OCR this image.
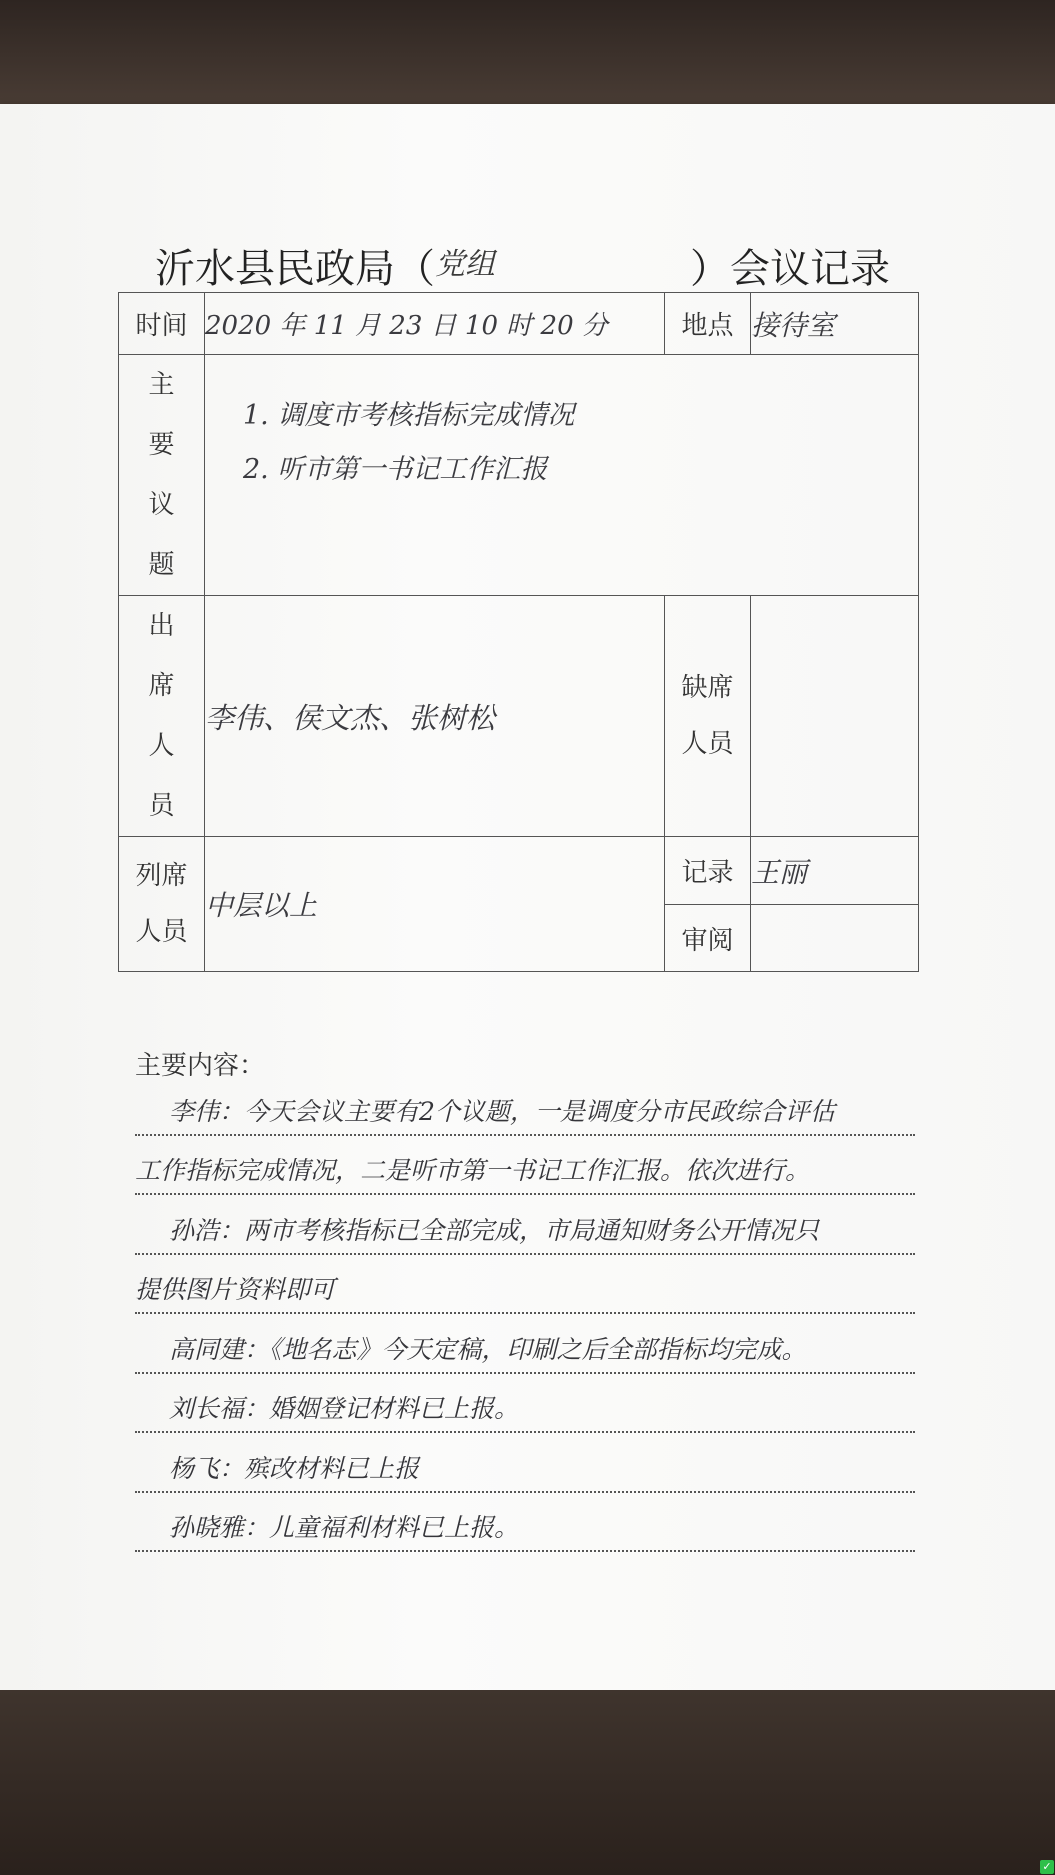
沂水县民政局（ 党组	）会议记录
时间	2020 年 11 月 23 日 10 时 20 分	地点	接待室

主要议题	1. 调度市考核指标完成情况
2. 听市第一书记工作汇报		

出席人员	李伟、侯文杰、张树松	缺席人员	

列席人员	中层以上	记录	王丽
		审阅	
主要内容：
李伟：今天会议主要有2个议题，一是调度分市民政综合评估
工作指标完成情况，二是听市第一书记工作汇报。依次进行。
孙浩：两市考核指标已全部完成，市局通知财务公开情况只
提供图片资料即可
高同建：《地名志》今天定稿，印刷之后全部指标均完成。
刘长福：婚姻登记材料已上报。
杨飞：殡改材料已上报
孙晓雅：儿童福利材料已上报。
✓
